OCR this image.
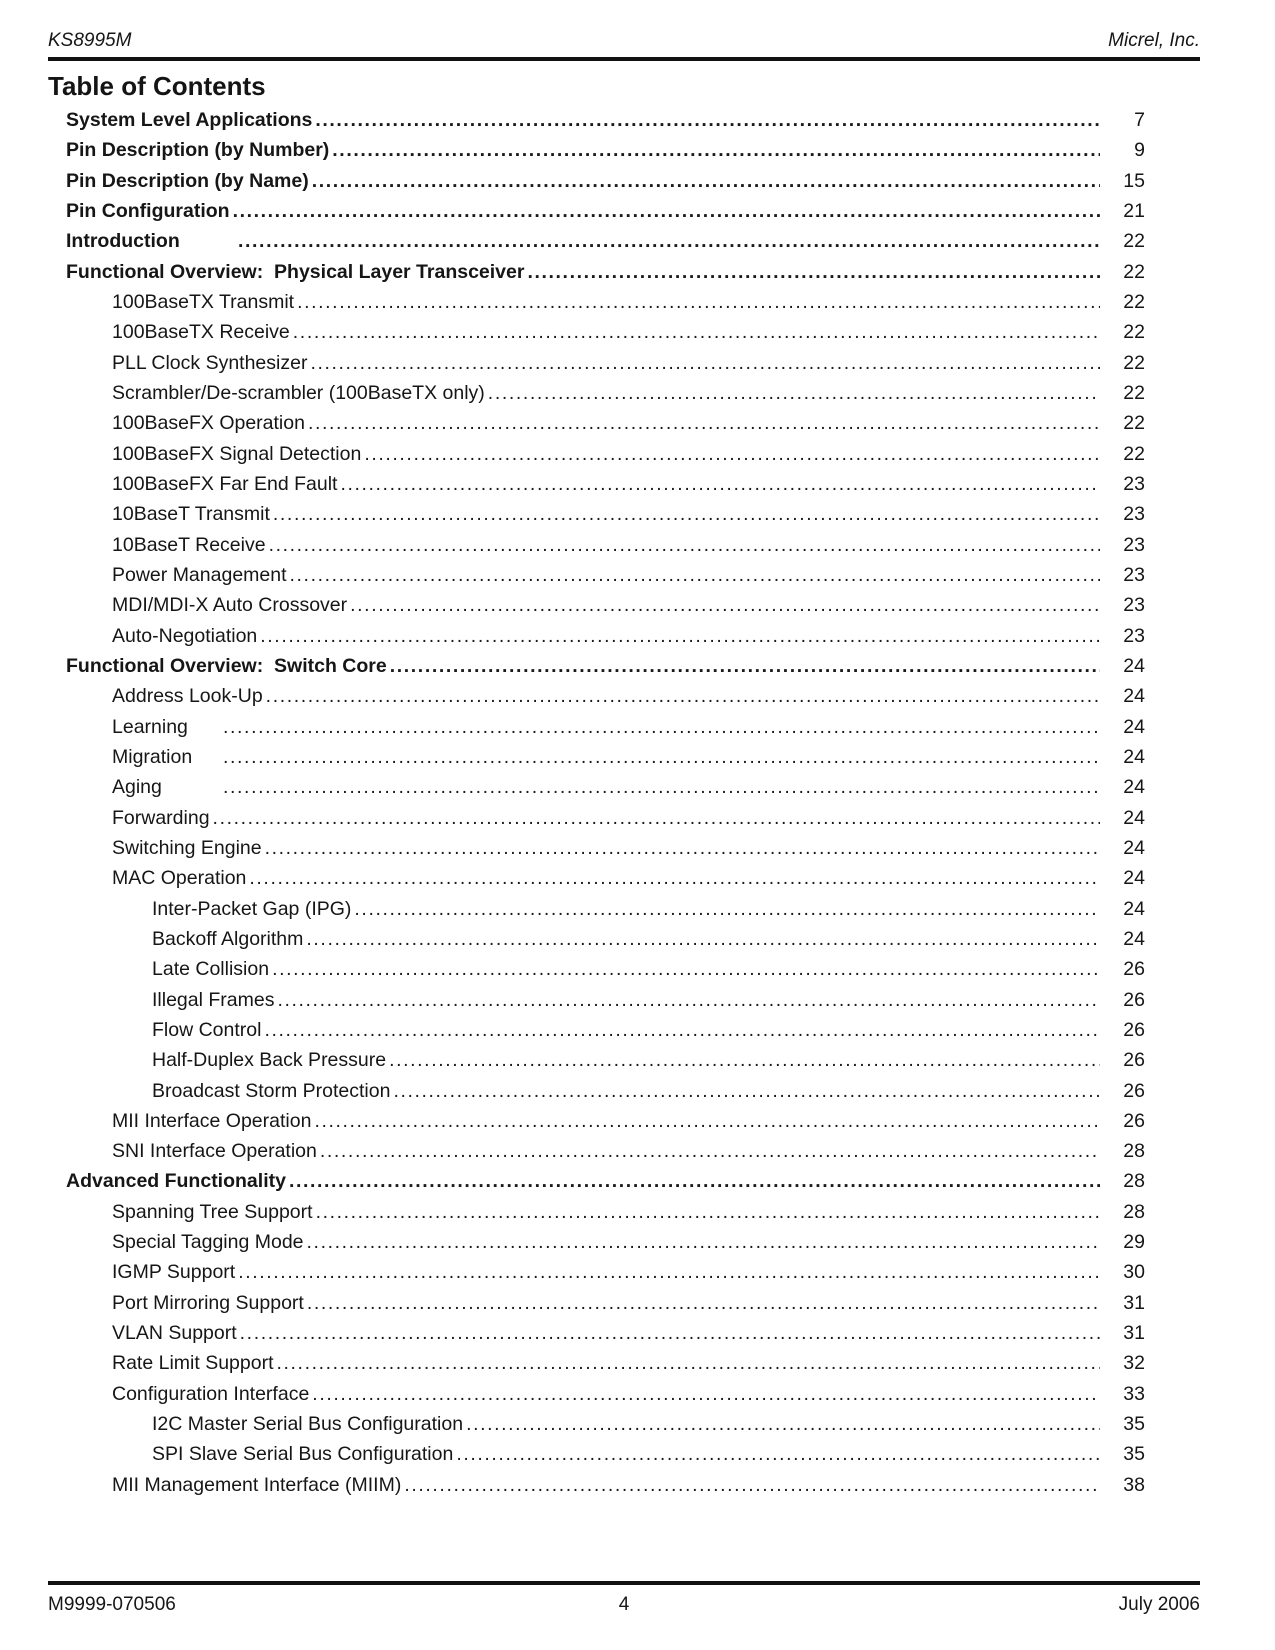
KS8995M	Micrel, Inc.
Table of Contents
System Level Applications .....	7
Pin Description (by Number) .....	9
Pin Description (by Name) .....	15
Pin Configuration .....	21
Introduction .....	22
Functional Overview:  Physical Layer Transceiver .....	22
100BaseTX Transmit .....	22
100BaseTX Receive .....	22
PLL Clock Synthesizer .....	22
Scrambler/De-scrambler (100BaseTX only) .....	22
100BaseFX Operation .....	22
100BaseFX Signal Detection .....	22
100BaseFX Far End Fault .....	23
10BaseT Transmit .....	23
10BaseT Receive .....	23
Power Management .....	23
MDI/MDI-X Auto Crossover .....	23
Auto-Negotiation .....	23
Functional Overview:  Switch Core .....	24
Address Look-Up .....	24
Learning .....	24
Migration .....	24
Aging .....	24
Forwarding .....	24
Switching Engine .....	24
MAC Operation .....	24
Inter-Packet Gap (IPG) .....	24
Backoff Algorithm .....	24
Late Collision .....	26
Illegal Frames .....	26
Flow Control .....	26
Half-Duplex Back Pressure .....	26
Broadcast Storm Protection .....	26
MII Interface Operation .....	26
SNI Interface Operation .....	28
Advanced Functionality .....	28
Spanning Tree Support .....	28
Special Tagging Mode .....	29
IGMP Support .....	30
Port Mirroring Support .....	31
VLAN Support .....	31
Rate Limit Support .....	32
Configuration Interface .....	33
I2C Master Serial Bus Configuration .....	35
SPI Slave Serial Bus Configuration .....	35
MII Management Interface (MIIM) .....	38
M9999-070506	4	July 2006
